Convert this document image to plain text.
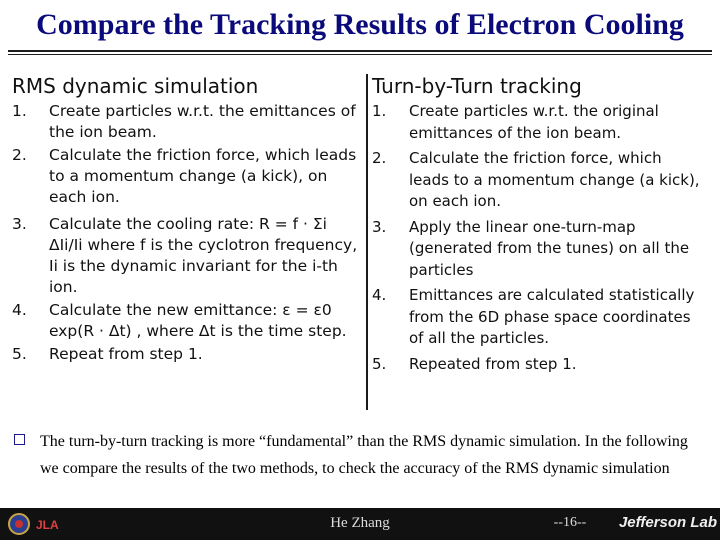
Compare the Tracking Results of Electron Cooling
RMS dynamic simulation
1. Create particles w.r.t. the emittances of the ion beam.
2. Calculate the friction force, which leads to a momentum change (a kick), on each ion.
3. Calculate the cooling rate: R = f · Σi ΔIi/Ii where f is the cyclotron frequency, Ii is the dynamic invariant for the i-th ion.
4. Calculate the new emittance: ε = ε0 exp(R · Δt) , where Δt is the time step.
5. Repeat from step 1.
Turn-by-Turn tracking
1. Create particles w.r.t. the original emittances of the ion beam.
2. Calculate the friction force, which leads to a momentum change (a kick), on each ion.
3. Apply the linear one-turn-map (generated from the tunes) on all the particles
4. Emittances are calculated statistically from the 6D phase space coordinates of all the particles.
5. Repeated from step 1.
The turn-by-turn tracking is more “fundamental” than the RMS dynamic simulation. In the following we compare the results of the two methods, to check the accuracy of the RMS dynamic simulation
JLA	He Zhang	--16--	Jefferson Lab
